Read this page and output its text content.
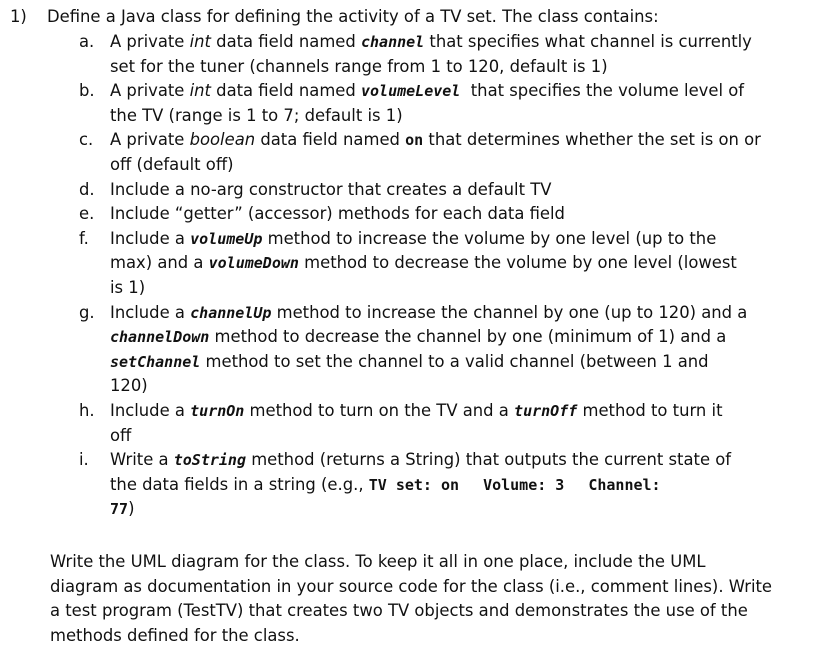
1) Define a Java class for defining the activity of a TV set. The class contains:
a. A private int data field named channel that specifies what channel is currently
set for the tuner (channels range from 1 to 120, default is 1)
b. A private int data field named volumeLevel  that specifies the volume level of
the TV (range is 1 to 7; default is 1)
c. A private boolean data field named on that determines whether the set is on or
off (default off)
d. Include a no-arg constructor that creates a default TV
e. Include “getter” (accessor) methods for each data field
f. Include a volumeUp method to increase the volume by one level (up to the
max) and a volumeDown method to decrease the volume by one level (lowest
is 1)
g. Include a channelUp method to increase the channel by one (up to 120) and a
channelDown method to decrease the channel by one (minimum of 1) and a
setChannel method to set the channel to a valid channel (between 1 and
120)
h. Include a turnOn method to turn on the TV and a turnOff method to turn it
off
i. Write a toString method (returns a String) that outputs the current state of
the data fields in a string (e.g., TV set: on Volume: 3 Channel:
77)
Write the UML diagram for the class. To keep it all in one place, include the UML
diagram as documentation in your source code for the class (i.e., comment lines). Write
a test program (TestTV) that creates two TV objects and demonstrates the use of the
methods defined for the class.
